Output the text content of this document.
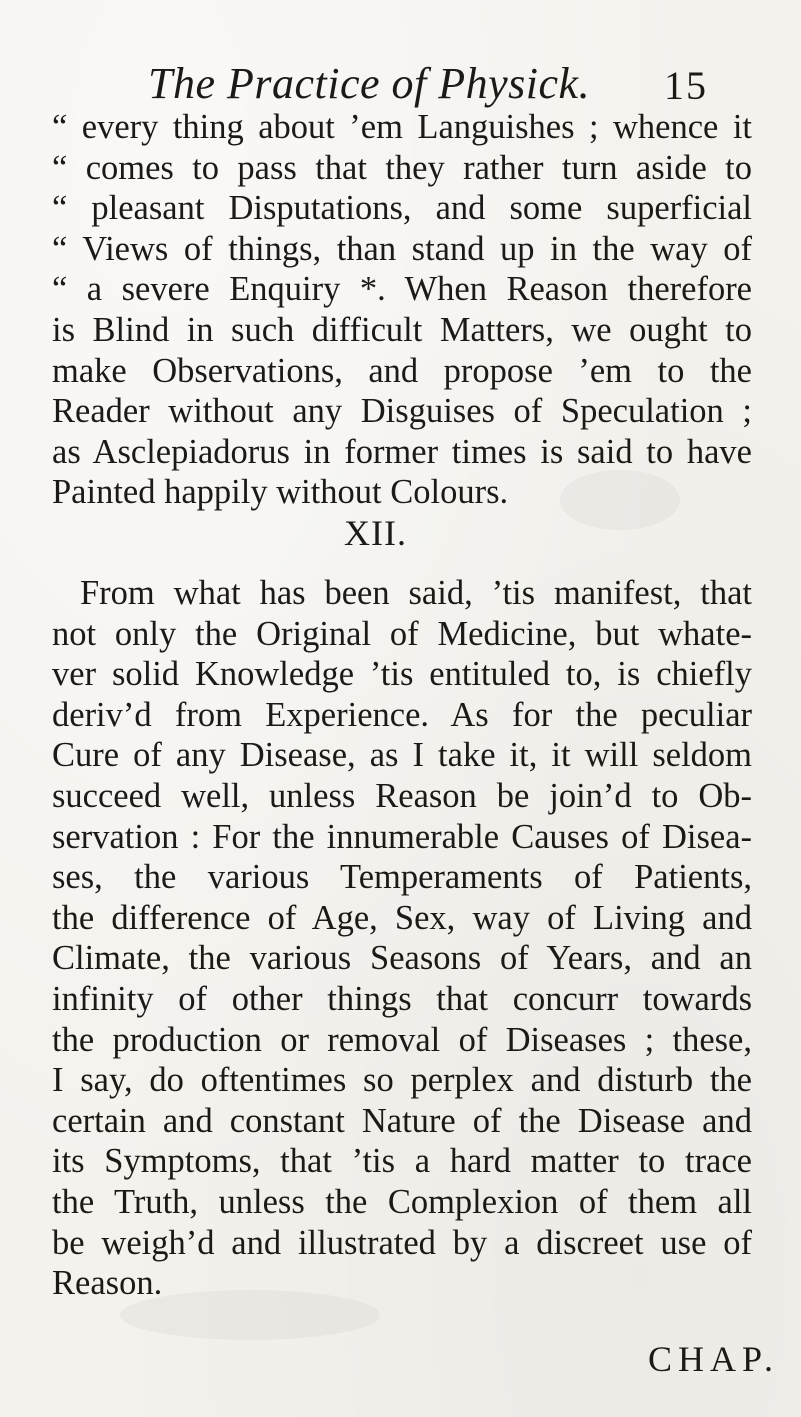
The Practice of Physick. 15
“ every thing about ’em Languishes ; whence it
“ comes to pass that they rather turn aside to
“ pleasant Disputations, and some superficial
“ Views of things, than stand up in the way of
“ a severe Enquiry *. When Reason therefore
is Blind in such difficult Matters, we ought to
make Observations, and propose ’em to the
Reader without any Disguises of Speculation ;
as Asclepiadorus in former times is said to have
Painted happily without Colours.
XII.
From what has been said, ’tis manifest, that
not only the Original of Medicine, but whate-
ver solid Knowledge ’tis entituled to, is chiefly
deriv’d from Experience. As for the peculiar
Cure of any Disease, as I take it, it will seldom
succeed well, unless Reason be join’d to Ob-
servation : For the innumerable Causes of Disea-
ses, the various Temperaments of Patients,
the difference of Age, Sex, way of Living and
Climate, the various Seasons of Years, and an
infinity of other things that concurr towards
the production or removal of Diseases ; these,
I say, do oftentimes so perplex and disturb the
certain and constant Nature of the Disease and
its Symptoms, that ’tis a hard matter to trace
the Truth, unless the Complexion of them all
be weigh’d and illustrated by a discreet use of
Reason.
CHAP.
